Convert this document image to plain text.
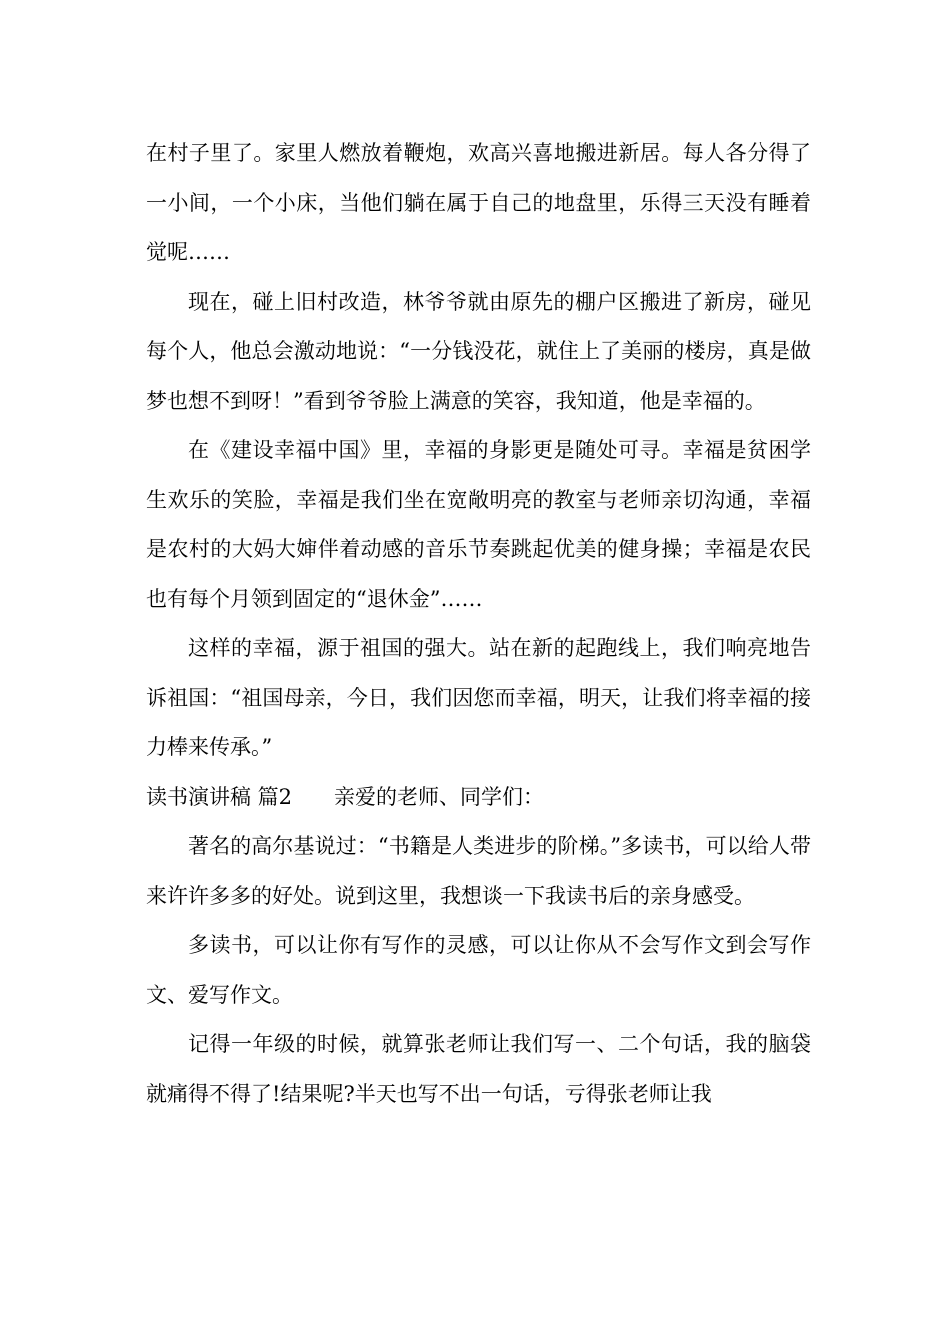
在村子里了。家里人燃放着鞭炮，欢高兴喜地搬进新居。每人各分得了一小间，一个小床，当他们躺在属于自己的地盘里，乐得三天没有睡着觉呢……

现在，碰上旧村改造，林爷爷就由原先的棚户区搬进了新房，碰见每个人，他总会激动地说：“一分钱没花，就住上了美丽的楼房，真是做梦也想不到呀！”看到爷爷脸上满意的笑容，我知道，他是幸福的。

在《建设幸福中国》里，幸福的身影更是随处可寻。幸福是贫困学生欢乐的笑脸，幸福是我们坐在宽敞明亮的教室与老师亲切沟通，幸福是农村的大妈大婶伴着动感的音乐节奏跳起优美的健身操；幸福是农民也有每个月领到固定的“退休金”……

这样的幸福，源于祖国的强大。站在新的起跑线上，我们响亮地告诉祖国：“祖国母亲，今日，我们因您而幸福，明天，让我们将幸福的接力棒来传承。”

读书演讲稿 篇2　　亲爱的老师、同学们：

著名的高尔基说过：“书籍是人类进步的阶梯。”多读书，可以给人带来许许多多的好处。说到这里，我想谈一下我读书后的亲身感受。

多读书，可以让你有写作的灵感，可以让你从不会写作文到会写作文、爱写作文。

记得一年级的时候，就算张老师让我们写一、二个句话，我的脑袋就痛得不得了!结果呢?半天也写不出一句话，亏得张老师让我
